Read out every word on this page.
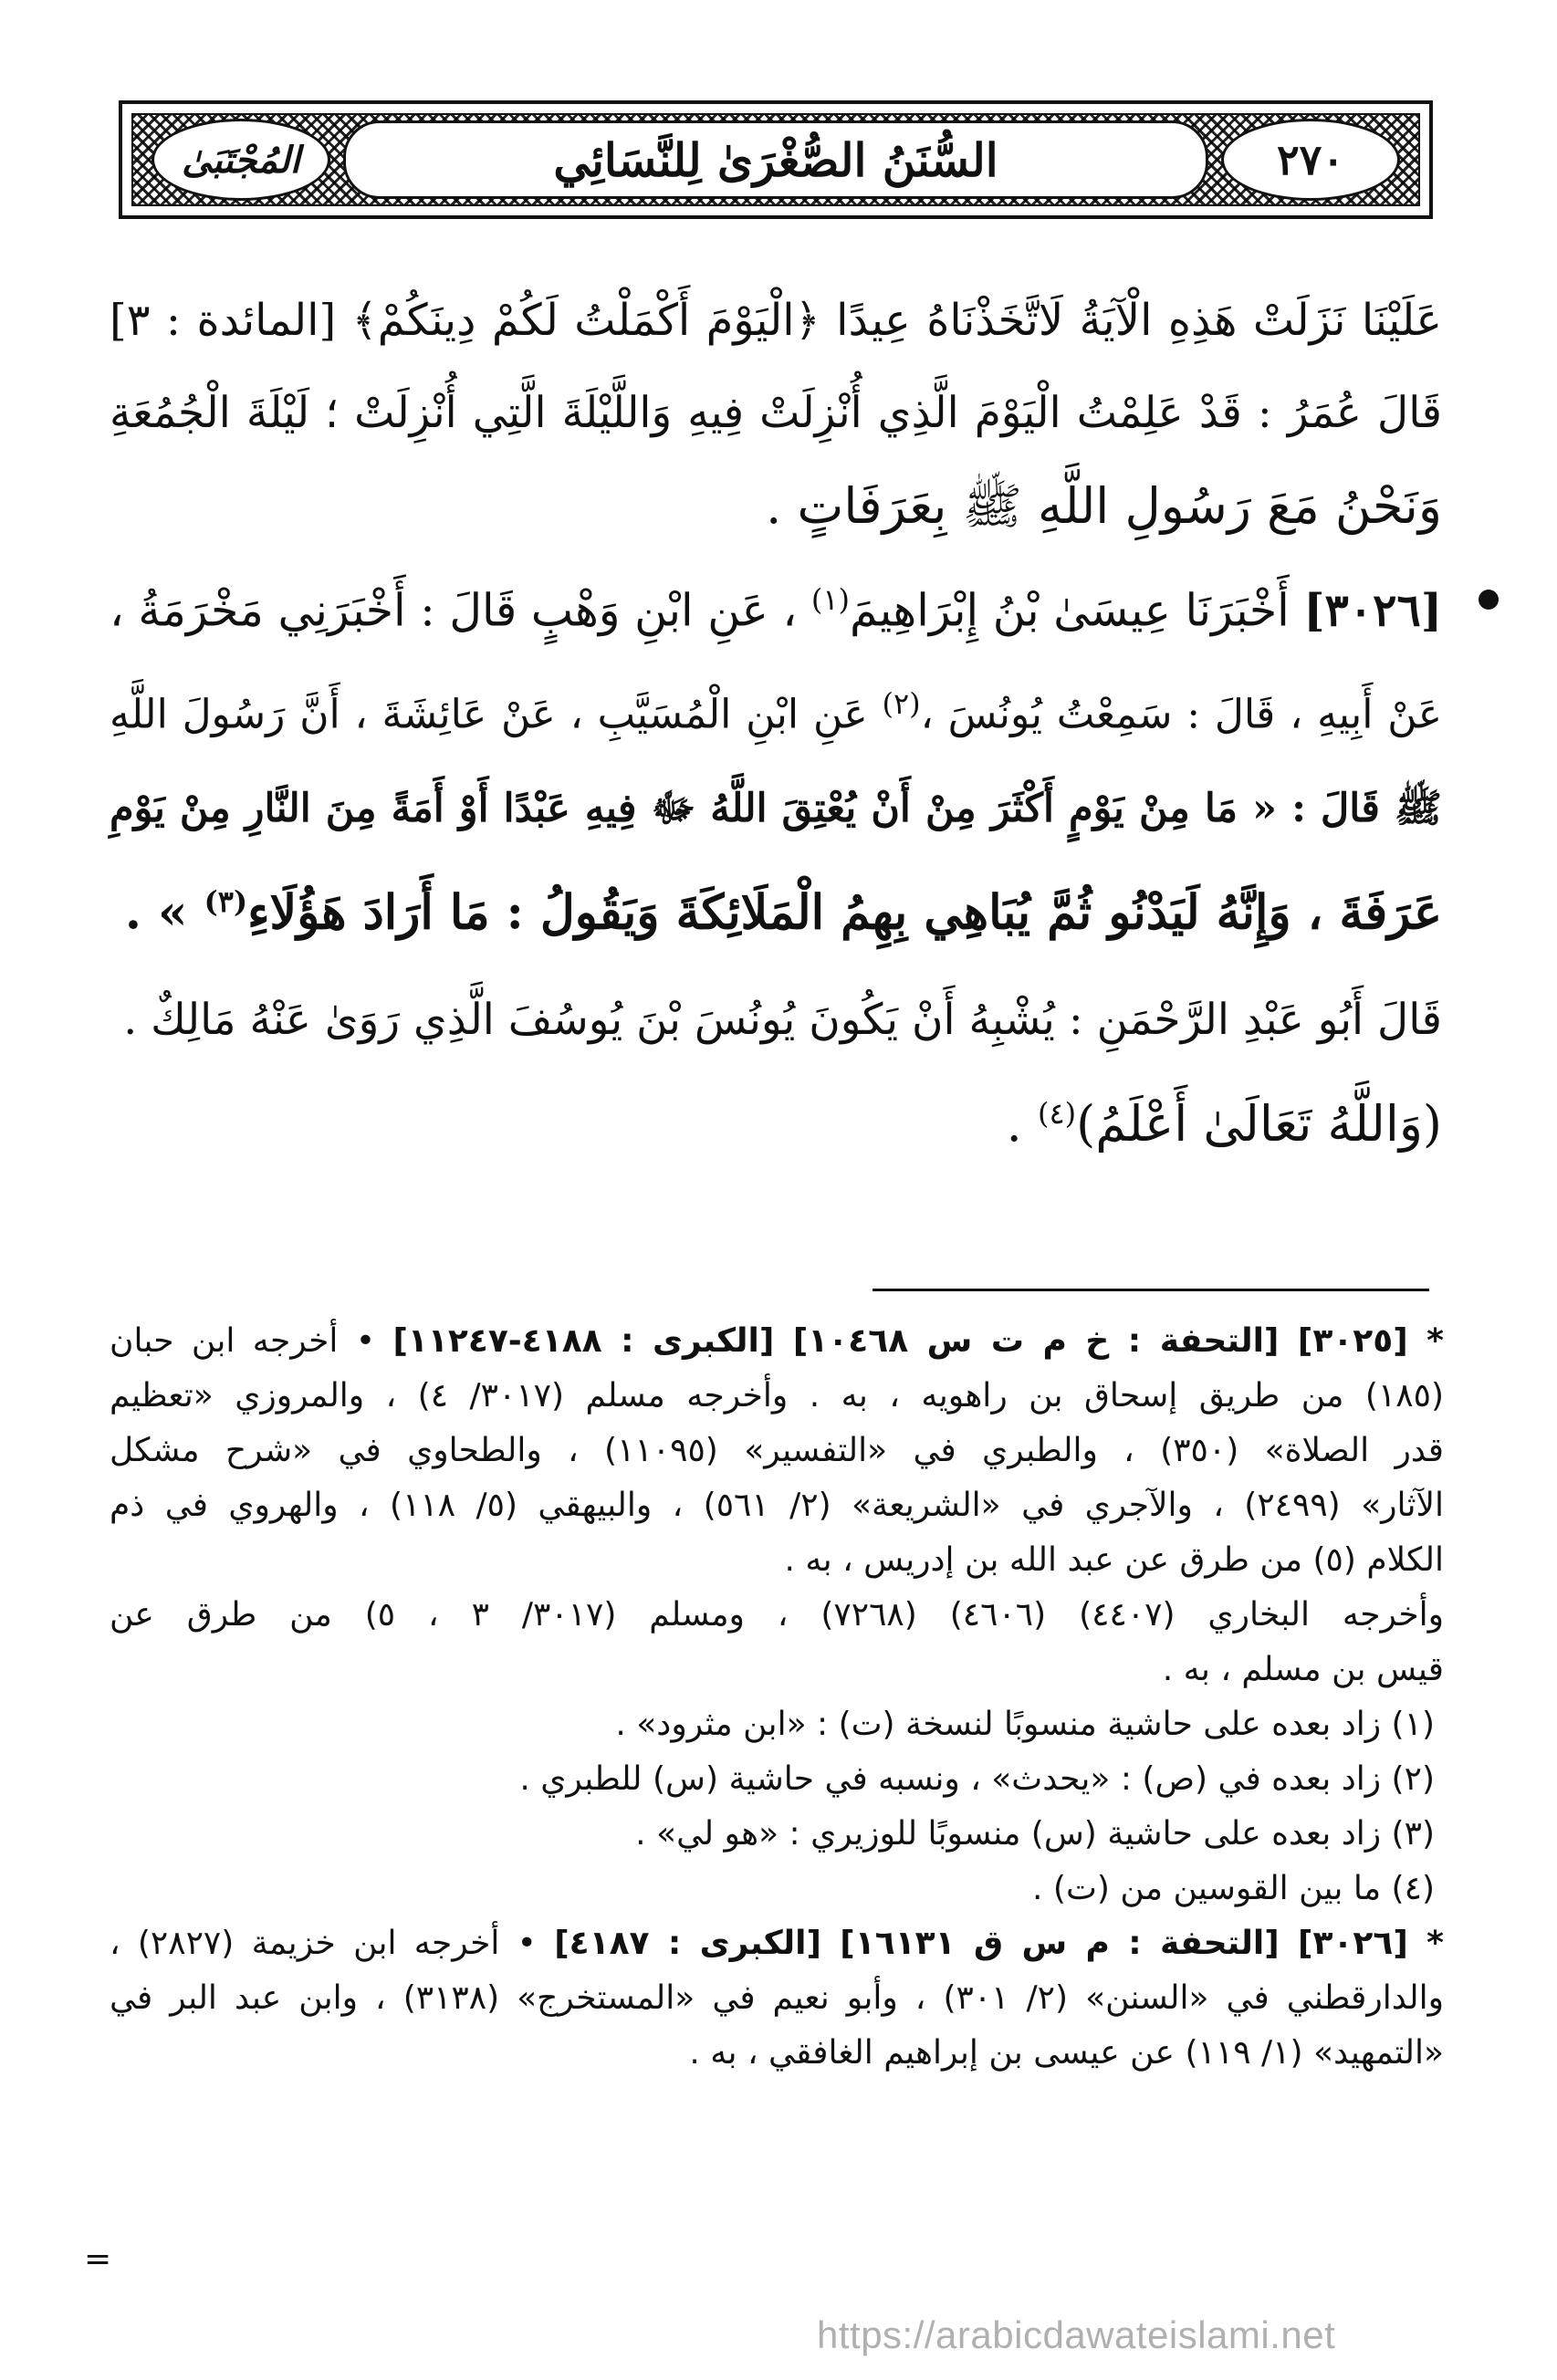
٢٧٠
السُّنَنُ الصُّغْرَىٰ لِلنَّسَائِي
المُجْتَبَىٰ
عَلَيْنَا نَزَلَتْ هَذِهِ الْآيَةُ لَاتَّخَذْنَاهُ عِيدًا ﴿الْيَوْمَ أَكْمَلْتُ لَكُمْ دِينَكُمْ﴾ [المائدة : ٣]
قَالَ عُمَرُ : قَدْ عَلِمْتُ الْيَوْمَ الَّذِي أُنْزِلَتْ فِيهِ وَاللَّيْلَةَ الَّتِي أُنْزِلَتْ ؛ لَيْلَةَ الْجُمُعَةِ
وَنَحْنُ مَعَ رَسُولِ اللَّهِ ﷺ بِعَرَفَاتٍ .
[٣٠٢٦] أَخْبَرَنَا عِيسَىٰ بْنُ إِبْرَاهِيمَ$^{(١)}$ ، عَنِ ابْنِ وَهْبٍ قَالَ : أَخْبَرَنِي مَخْرَمَةُ ،
عَنْ أَبِيهِ ، قَالَ : سَمِعْتُ يُونُسَ ،$^{(٢)}$ عَنِ ابْنِ الْمُسَيَّبِ ، عَنْ عَائِشَةَ ، أَنَّ رَسُولَ اللَّهِ
ﷺ قَالَ : « مَا مِنْ يَوْمٍ أَكْثَرَ مِنْ أَنْ يُعْتِقَ اللَّهُ ﷻ فِيهِ عَبْدًا أَوْ أَمَةً مِنَ النَّارِ مِنْ يَوْمِ
عَرَفَةَ ، وَإِنَّهُ لَيَدْنُو ثُمَّ يُبَاهِي بِهِمُ الْمَلَائِكَةَ وَيَقُولُ : مَا أَرَادَ هَؤُلَاءِ$^{(٣)}$ » .
قَالَ أَبُو عَبْدِ الرَّحْمَنِ : يُشْبِهُ أَنْ يَكُونَ يُونُسَ بْنَ يُوسُفَ الَّذِي رَوَىٰ عَنْهُ مَالِكٌ .
(وَاللَّهُ تَعَالَىٰ أَعْلَمُ)$^{(٤)}$ .
* [٣٠٢٥] [التحفة : خ م ت س ١٠٤٦٨] [الكبرى : ٤١٨٨-١١٢٤٧] • أخرجه ابن حبان
(١٨٥) من طريق إسحاق بن راهويه ، به . وأخرجه مسلم (٣٠١٧/ ٤) ، والمروزي «تعظيم
قدر الصلاة» (٣٥٠) ، والطبري في «التفسير» (١١٠٩٥) ، والطحاوي في «شرح مشكل
الآثار» (٢٤٩٩) ، والآجري في «الشريعة» (٢/ ٥٦١) ، والبيهقي (٥/ ١١٨) ، والهروي في ذم
الكلام (٥) من طرق عن عبد الله بن إدريس ، به .
وأخرجه البخاري (٤٤٠٧) (٤٦٠٦) (٧٢٦٨) ، ومسلم (٣٠١٧/ ٣ ، ٥) من طرق عن
قيس بن مسلم ، به .
(١) زاد بعده على حاشية منسوبًا لنسخة (ت) : «ابن مثرود» .
(٢) زاد بعده في (ص) : «يحدث» ، ونسبه في حاشية (س) للطبري .
(٣) زاد بعده على حاشية (س) منسوبًا للوزيري : «هو لي» .
(٤) ما بين القوسين من (ت) .
* [٣٠٢٦] [التحفة : م س ق ١٦١٣١] [الكبرى : ٤١٨٧] • أخرجه ابن خزيمة (٢٨٢٧) ،
والدارقطني في «السنن» (٢/ ٣٠١) ، وأبو نعيم في «المستخرج» (٣١٣٨) ، وابن عبد البر في
«التمهيد» (١/ ١١٩) عن عيسى بن إبراهيم الغافقي ، به .
=
https://arabicdawateislami.net
